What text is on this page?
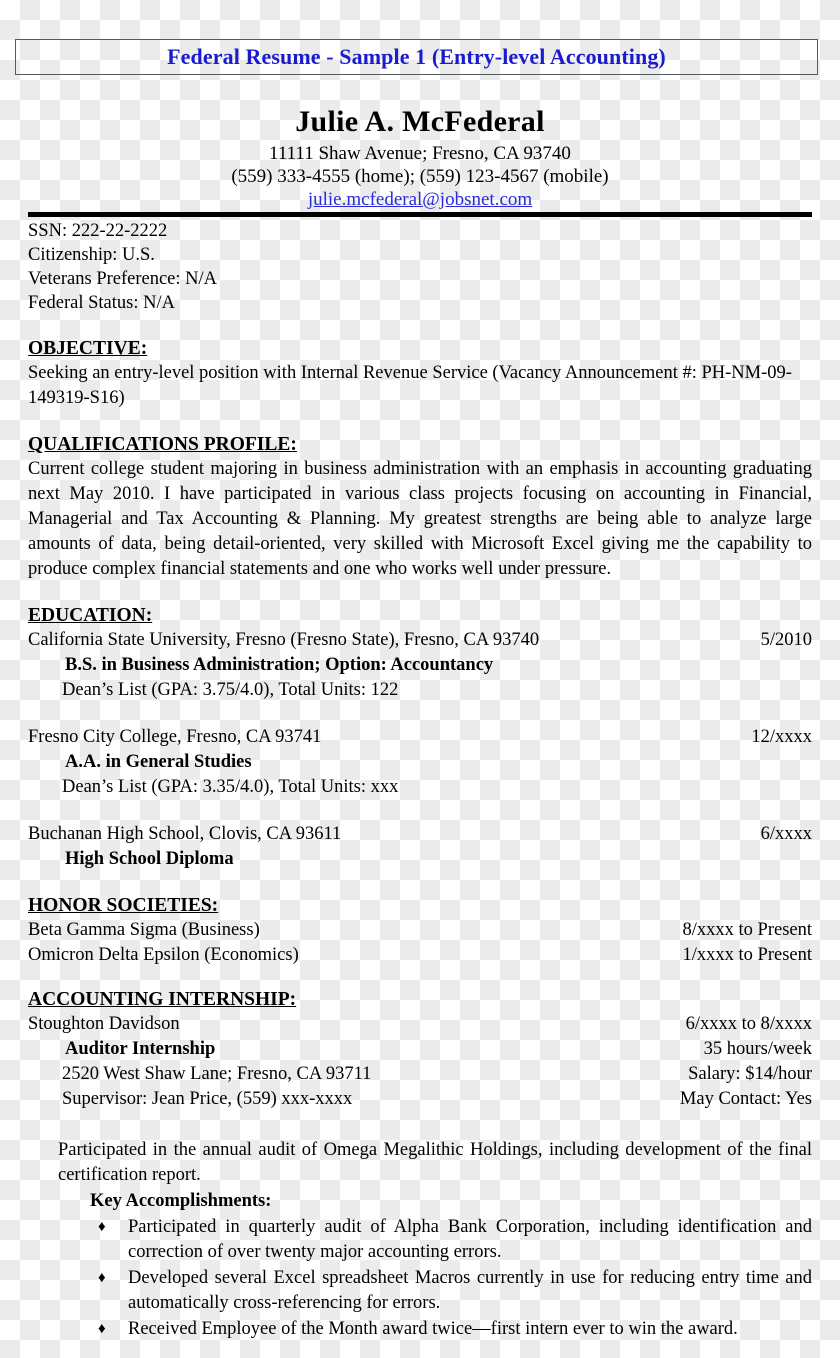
Federal Resume - Sample 1 (Entry-level Accounting)
Julie A. McFederal
11111 Shaw Avenue; Fresno, CA 93740
(559) 333-4555 (home); (559) 123-4567 (mobile)
julie.mcfederal@jobsnet.com
SSN: 222-22-2222
Citizenship: U.S.
Veterans Preference: N/A
Federal Status: N/A
OBJECTIVE:

Seeking an entry-level position with Internal Revenue Service (Vacancy Announcement #: PH-NM-09-149319-S16)

QUALIFICATIONS PROFILE:

Current college student majoring in business administration with an emphasis in accounting graduating next May 2010. I have participated in various class projects focusing on accounting in Financial, Managerial and Tax Accounting & Planning. My greatest strengths are being able to analyze large amounts of data, being detail-oriented, very skilled with Microsoft Excel giving me the capability to produce complex financial statements and one who works well under pressure.

EDUCATION:
California State University, Fresno (Fresno State), Fresno, CA 93740	5/2010
B.S. in Business Administration; Option: Accountancy
Dean’s List (GPA: 3.75/4.0), Total Units: 122
Fresno City College, Fresno, CA 93741	12/xxxx
A.A. in General Studies
Dean’s List (GPA: 3.35/4.0), Total Units: xxx
Buchanan High School, Clovis, CA 93611	6/xxxx
High School Diploma
HONOR SOCIETIES:
Beta Gamma Sigma (Business)	8/xxxx to Present
Omicron Delta Epsilon (Economics)	1/xxxx to Present
ACCOUNTING INTERNSHIP:
Stoughton Davidson	6/xxxx to 8/xxxx
Auditor Internship	35 hours/week
2520 West Shaw Lane; Fresno, CA 93711	Salary: $14/hour
Supervisor: Jean Price, (559) xxx-xxxx	May Contact: Yes
Participated in the annual audit of Omega Megalithic Holdings, including development of the final certification report.
Key Accomplishments:
♦ Participated in quarterly audit of Alpha Bank Corporation, including identification and correction of over twenty major accounting errors.
♦ Developed several Excel spreadsheet Macros currently in use for reducing entry time and automatically cross-referencing for errors.
♦ Received Employee of the Month award twice—first intern ever to win the award.
